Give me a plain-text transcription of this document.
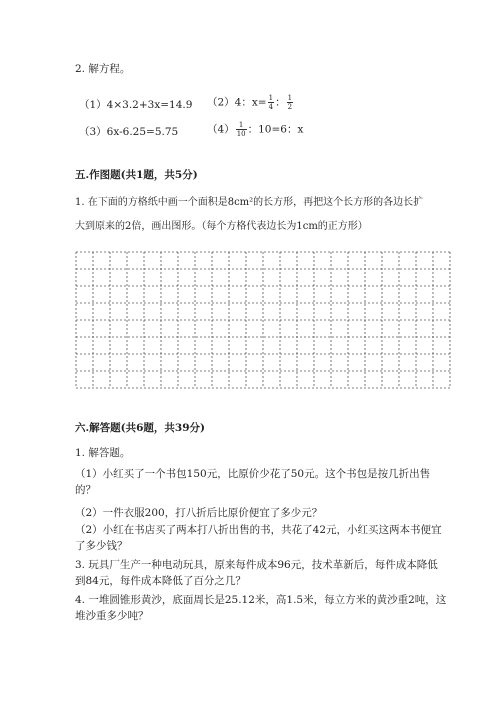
2. 解方程。
（1）4×3.2+3x=14.9 （2）4：$x= \frac{1}{4}$ ： $\frac{1}{2}$
（3）6x-6.25=5.75	$(4) \frac{1}{10}$ ：10=6：x
五.作图题(共1题，共5分)
1. 在下面的方格纸中画一个面积是8cm²的长方形，再把这个长方形的各边长扩
大到原来的2倍，画出图形。（每个方格代表边长为1cm的正方形）
六.解答题(共6题，共39分)
1. 解答题。
（1）小红买了一个书包150元，比原价少花了50元。这个书包是按几折出售的？
（2）一件衣服200，打八折后比原价便宜了多少元？
（2）小红在书店买了两本打八折出售的书，共花了42元，小红买这两本书便宜了多少钱？
3. 玩具厂生产一种电动玩具，原来每件成本96元，技术革新后，每件成本降低到84元，每件成本降低了百分之几？
4. 一堆圆锥形黄沙，底面周长是25.12米，高1.5米，每立方米的黄沙重2吨，这堆沙重多少吨？
